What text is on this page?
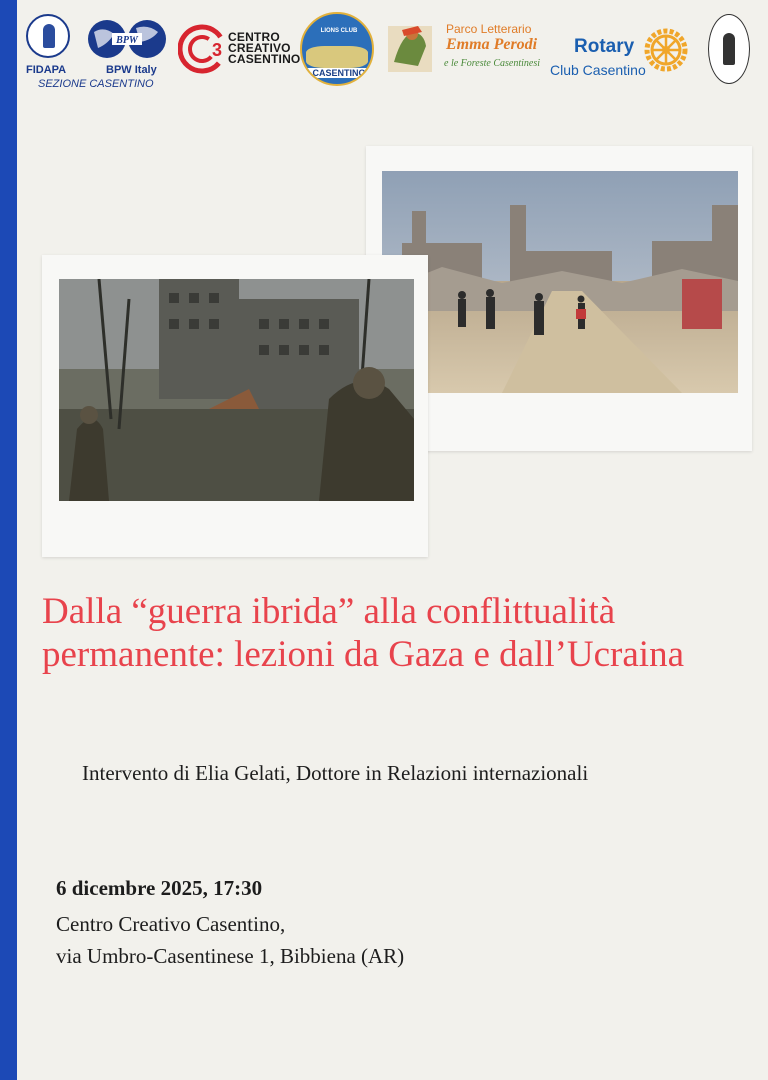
BPW
FIDAPA	BPW Italy
SEZIONE CASENTINO
3
CENTRO
CREATIVO
CASENTINO
LIONS CLUB
CASENTINO
Parco Letterario
Emma Perodi
e le Foreste Casentinesi
Rotary
Club Casentino
Dalla “guerra ibrida” alla conflittualità permanente: lezioni da Gaza e dall’Ucraina

Intervento di Elia Gelati, Dottore in Relazioni internazionali

6 dicembre 2025, 17:30

Centro Creativo Casentino,
via Umbro-Casentinese 1, Bibbiena (AR)
